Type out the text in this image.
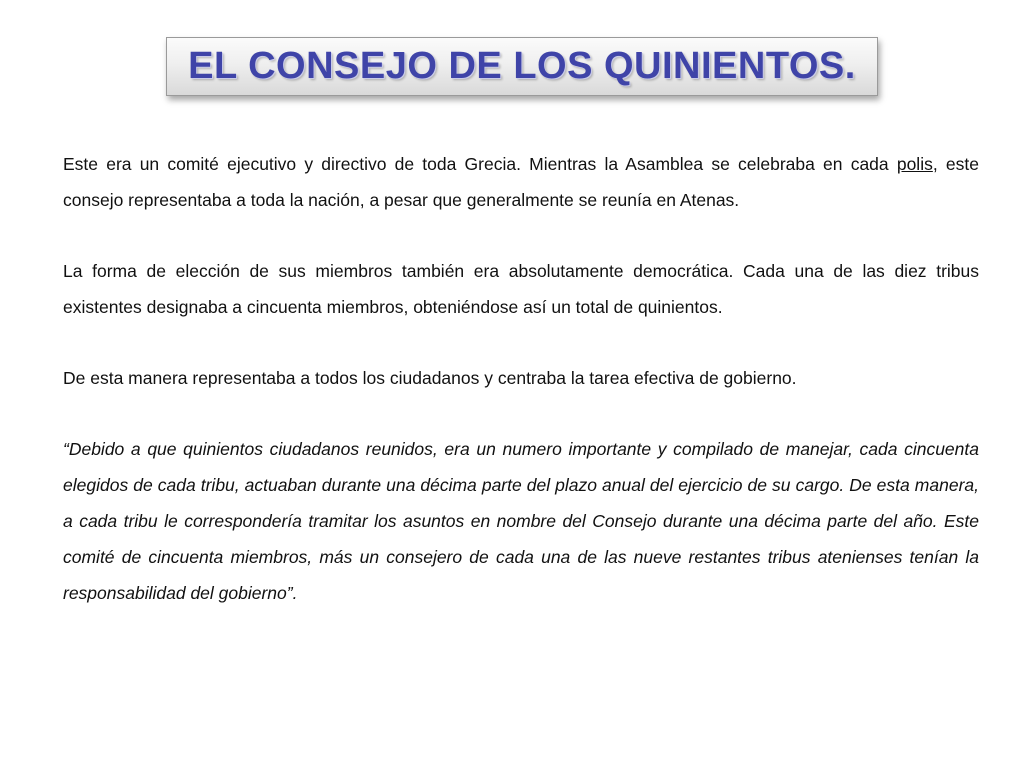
EL CONSEJO DE LOS QUINIENTOS.

Este era un comité ejecutivo y directivo de toda Grecia. Mientras la Asamblea se celebraba en cada polis, este consejo representaba a toda la nación, a pesar que generalmente se reunía en Atenas.

La forma de elección de sus miembros también era absolutamente democrática. Cada una de las diez tribus existentes designaba a cincuenta miembros, obteniéndose así un total de quinientos.

De esta manera representaba a todos los ciudadanos y centraba la tarea efectiva de gobierno.

“Debido a que quinientos ciudadanos reunidos, era un numero importante y compilado de manejar, cada cincuenta elegidos de cada tribu, actuaban durante una décima parte del plazo anual del ejercicio de su cargo. De esta manera, a cada tribu le correspondería tramitar los asuntos en nombre del Consejo durante una décima parte del año. Este comité de cincuenta miembros, más un consejero de cada una de las nueve restantes tribus atenienses tenían la responsabilidad del gobierno”.
